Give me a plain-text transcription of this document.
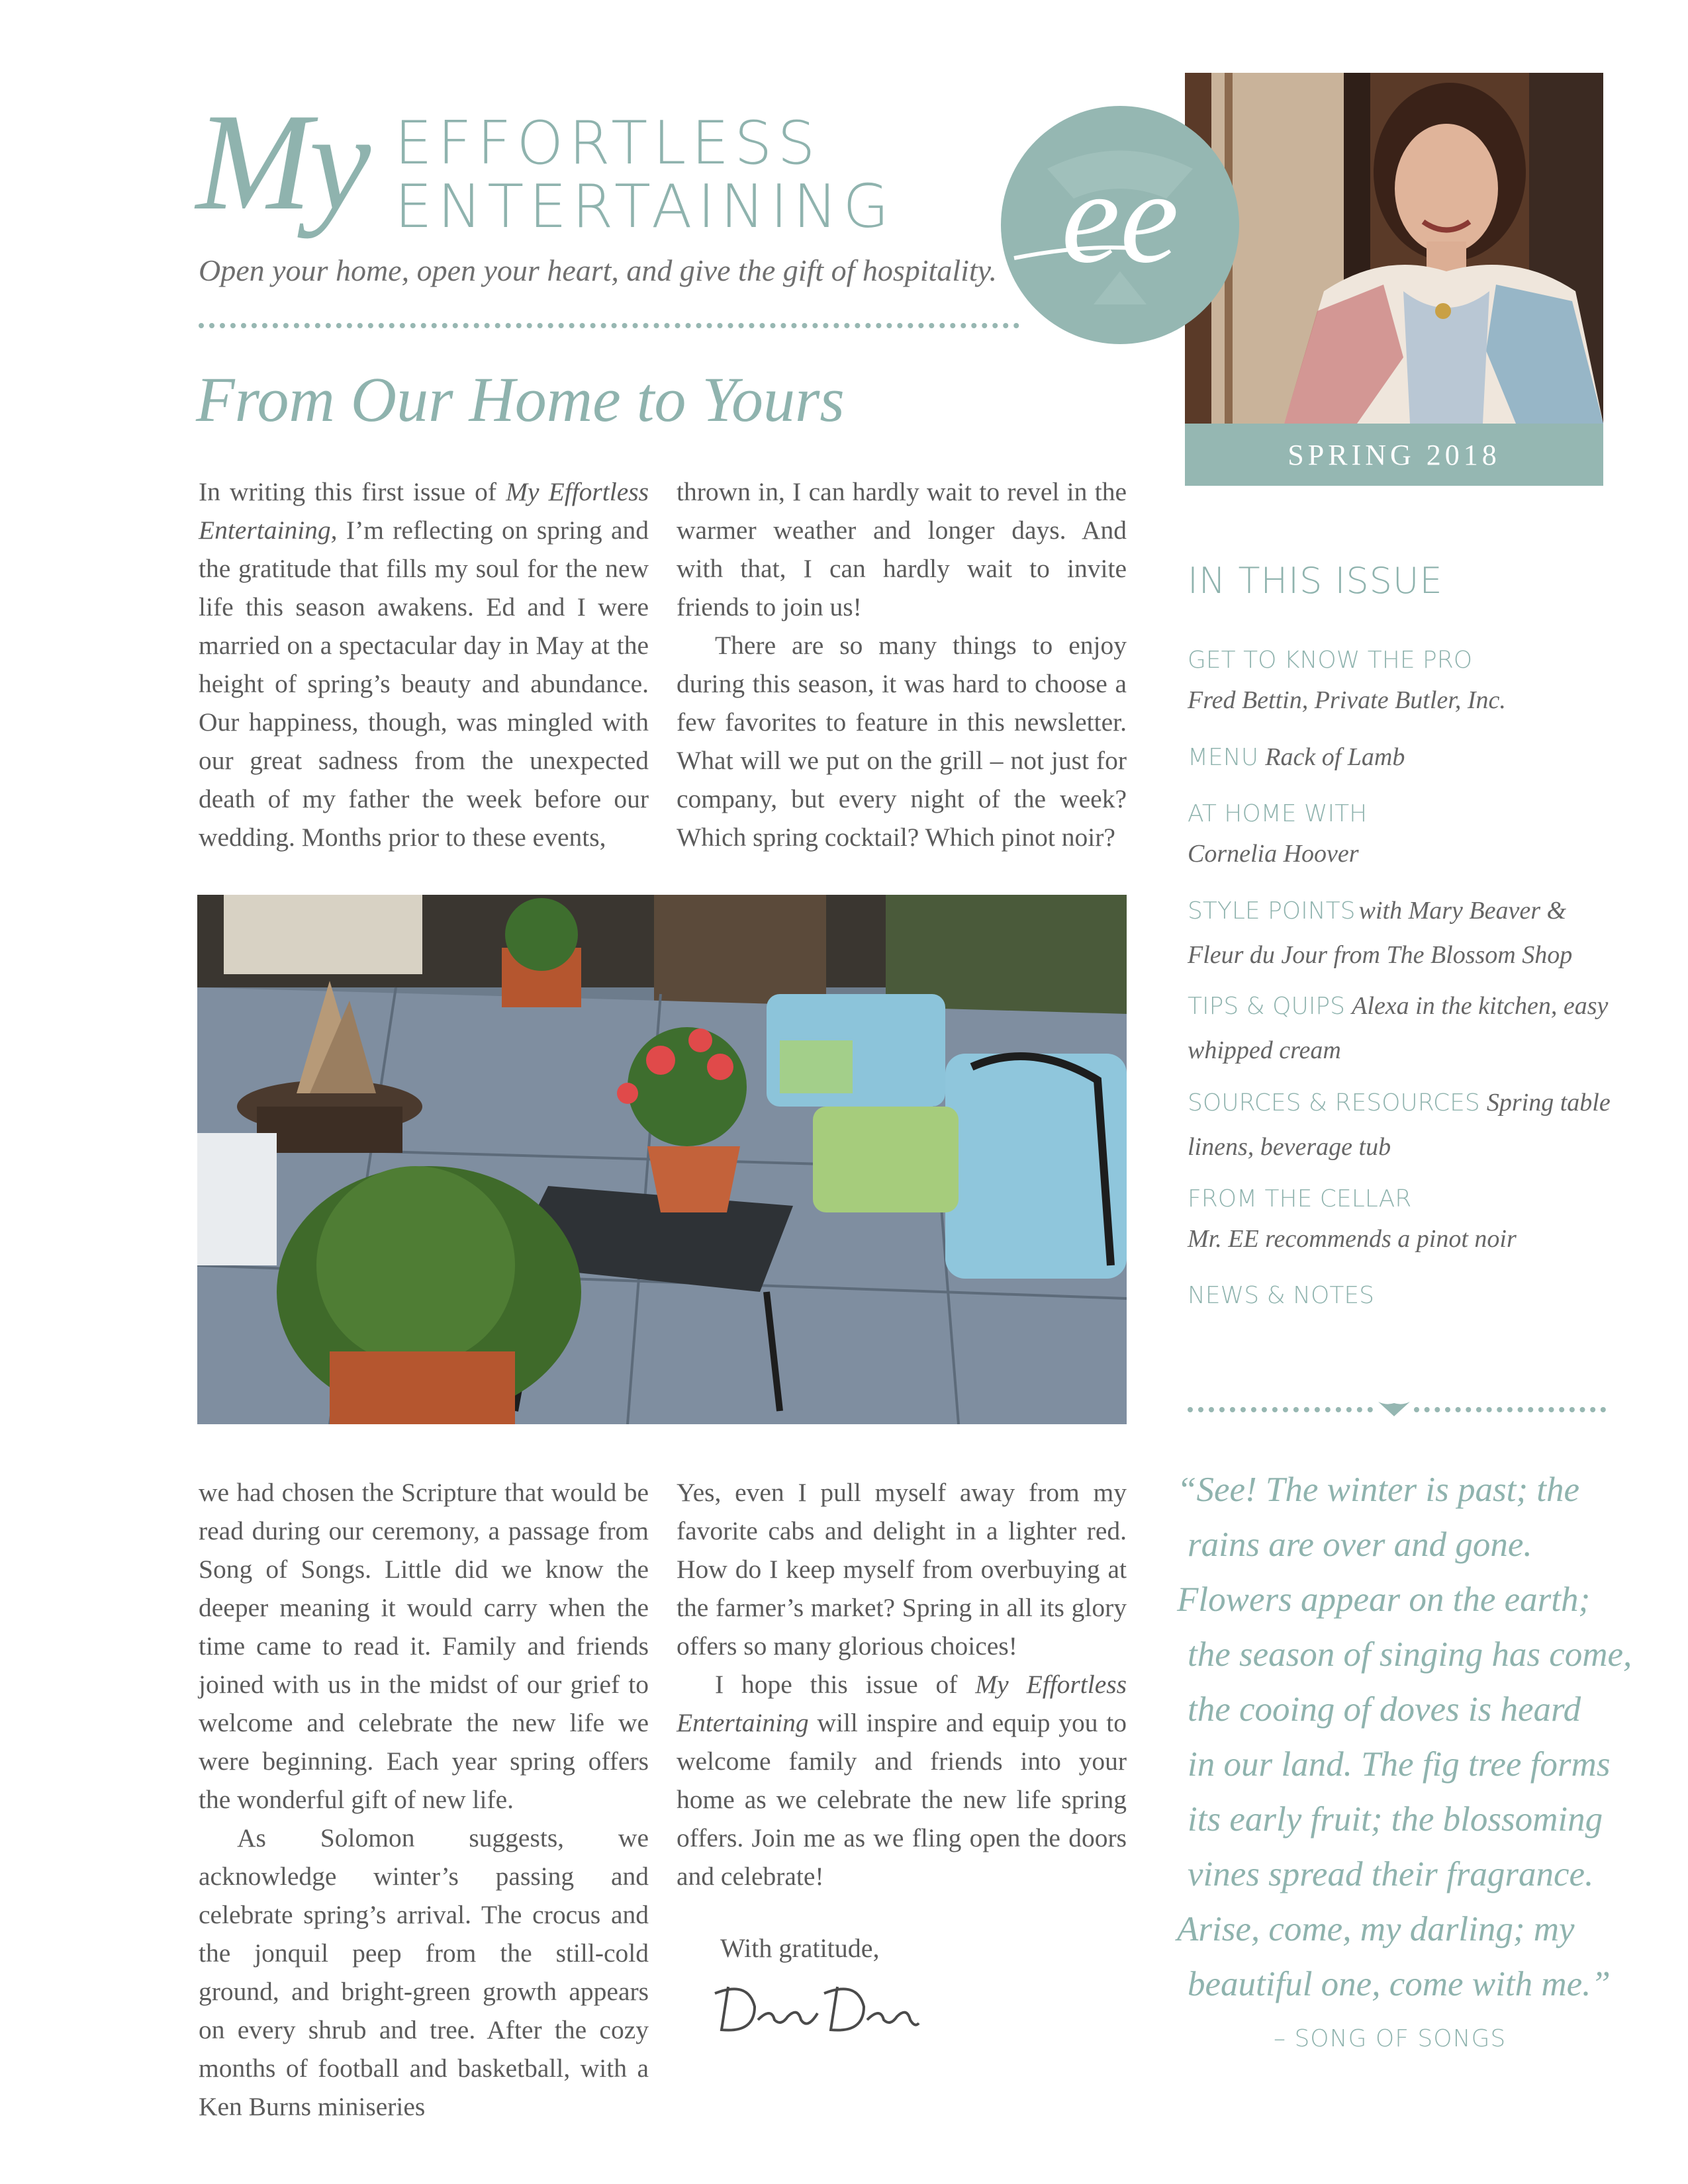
My EFFORTLESS
ENTERTAINING
Open your home, open your heart, and give the gift of hospitality. ee
SPRING 2018
From Our Home to Yours

In writing this first issue of My Effortless Entertaining, I’m reflecting on spring and the gratitude that fills my soul for the new life this season awakens. Ed and I were married on a spectacular day in May at the height of spring’s beauty and abundance. Our happiness, though, was mingled with our great sadness from the unexpected death of my father the week before our wedding. Months prior to these events,

thrown in, I can hardly wait to revel in the warmer weather and longer days. And with that, I can hardly wait to invite friends to join us!

There are so many things to enjoy during this season, it was hard to choose a few favorites to feature in this newsletter. What will we put on the grill – not just for company, but every night of the week? Which spring cocktail? Which pinot noir?

we had chosen the Scripture that would be read during our ceremony, a passage from Song of Songs. Little did we know the deeper meaning it would carry when the time came to read it. Family and friends joined with us in the midst of our grief to welcome and celebrate the new life we were beginning. Each year spring offers the wonderful gift of new life.

As Solomon suggests, we acknowledge winter’s passing and celebrate spring’s arrival. The crocus and the jonquil peep from the still-cold ground, and bright-green growth appears on every shrub and tree. After the cozy months of football and basketball, with a Ken Burns miniseries

Yes, even I pull myself away from my favorite cabs and delight in a lighter red. How do I keep myself from overbuying at the farmer’s market? Spring in all its glory offers so many glorious choices!

I hope this issue of My Effortless Entertaining will inspire and equip you to welcome family and friends into your home as we celebrate the new life spring offers. Join me as we fling open the doors and celebrate!

With gratitude,
IN THIS ISSUE
GET TO KNOW THE PRO
Fred Bettin, Private Butler, Inc.
MENU Rack of Lamb
AT HOME WITH
Cornelia Hoover
STYLE POINTS with Mary Beaver & Fleur du Jour from The Blossom Shop
TIPS & QUIPS Alexa in the kitchen, easy whipped cream
SOURCES & RESOURCES Spring table linens, beverage tub
FROM THE CELLAR
Mr. EE recommends a pinot noir
NEWS & NOTES
“See! The winter is past; the
rains are over and gone.
Flowers appear on the earth;
the season of singing has come,
the cooing of doves is heard
in our land. The fig tree forms
its early fruit; the blossoming
vines spread their fragrance.
Arise, come, my darling; my
beautiful one, come with me.”
– SONG OF SONGS
